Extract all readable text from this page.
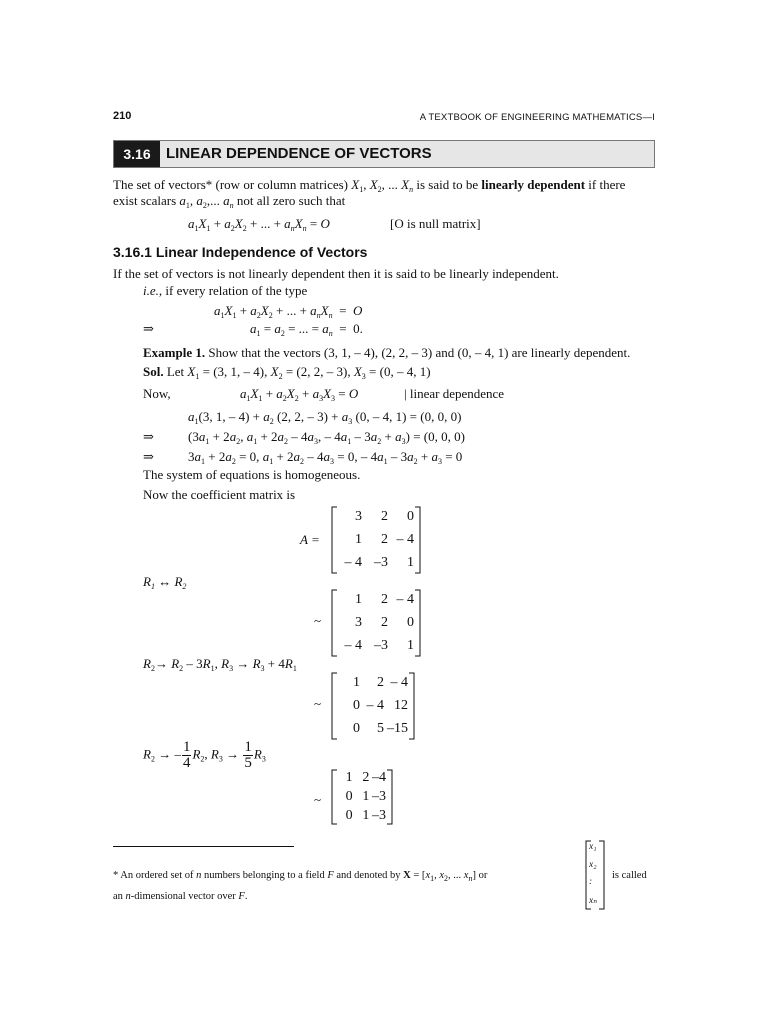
210	A TEXTBOOK OF ENGINEERING MATHEMATICS—I
3.16	LINEAR DEPENDENCE OF VECTORS
The set of vectors* (row or column matrices) $X_1$, $X_2$, ... $X_n$ is said to be linearly dependent if there
exist scalars $a_1$, $a_2$,... $a_n$ not all zero such that
$a_1X_1 + a_2X_2$ + ... + $a_nX_n = O$	[O is null matrix]
3.16.1 Linear Independence of Vectors
If the set of vectors is not linearly dependent then it is said to be linearly independent.
i.e., if every relation of the type
$a_1X_1 + a_2X_2$ + ... + $a_nX_n = O$
⇒	$a_1 = a_2$ = ... = $a_n = 0$.
Example 1. Show that the vectors (3, 1, – 4), (2, 2, – 3) and (0, – 4, 1) are linearly dependent.
Sol. Let $X_1 = (3$, 1, – 4), $X_2 = (2$, 2, – 3), $X_3 = (0$, – 4, 1)
Now,	$a_1X_1 + a_2X_2 + a_3X_3 = O$	| linear dependence
$a_1(3$, 1, – $4) + a_2$ (2, 2, – $3) + a_3$ (0, – 4, 1) = (0, 0, 0)
⇒	($3a_1 + 2a_2$, $a_1 + 2a_2 - 4a_3$, – $4a_1 - 3a_2 + a_3) = (0$, 0, 0)
⇒	$3a_1 + 2a_2 = 0$, $a_1 + 2a_2 - 4a_3 = 0$, – $4a_1 - 3a_2 + a_3 = 0$
The system of equations is homogeneous.
Now the coefficient matrix is
A =
3	2	0
1	2 – 4
– 4 –3	1
$R_1$ ↔ $R_2$
~
1	2 – 4
3	2	0
– 4 –3	1
$R_2\to R_2 - 3R_1$, $R_3 \to R_3 + 4R_1$
~
1	2 – 4
0 – 4 12
0	5 –15
$R_2$ → – $\frac{1}{4} R_2$, $R_3 \to \frac{1}{5} R_3$
~
1 2 –4
0 1 –3
0 1 –3
* An ordered set of n numbers belonging to a field F and denoted by $X = [x_1$, $x_2$, ... $x_n$] or
x₁
x₂
:
xₙ
is called
an n-dimensional vector over F.
